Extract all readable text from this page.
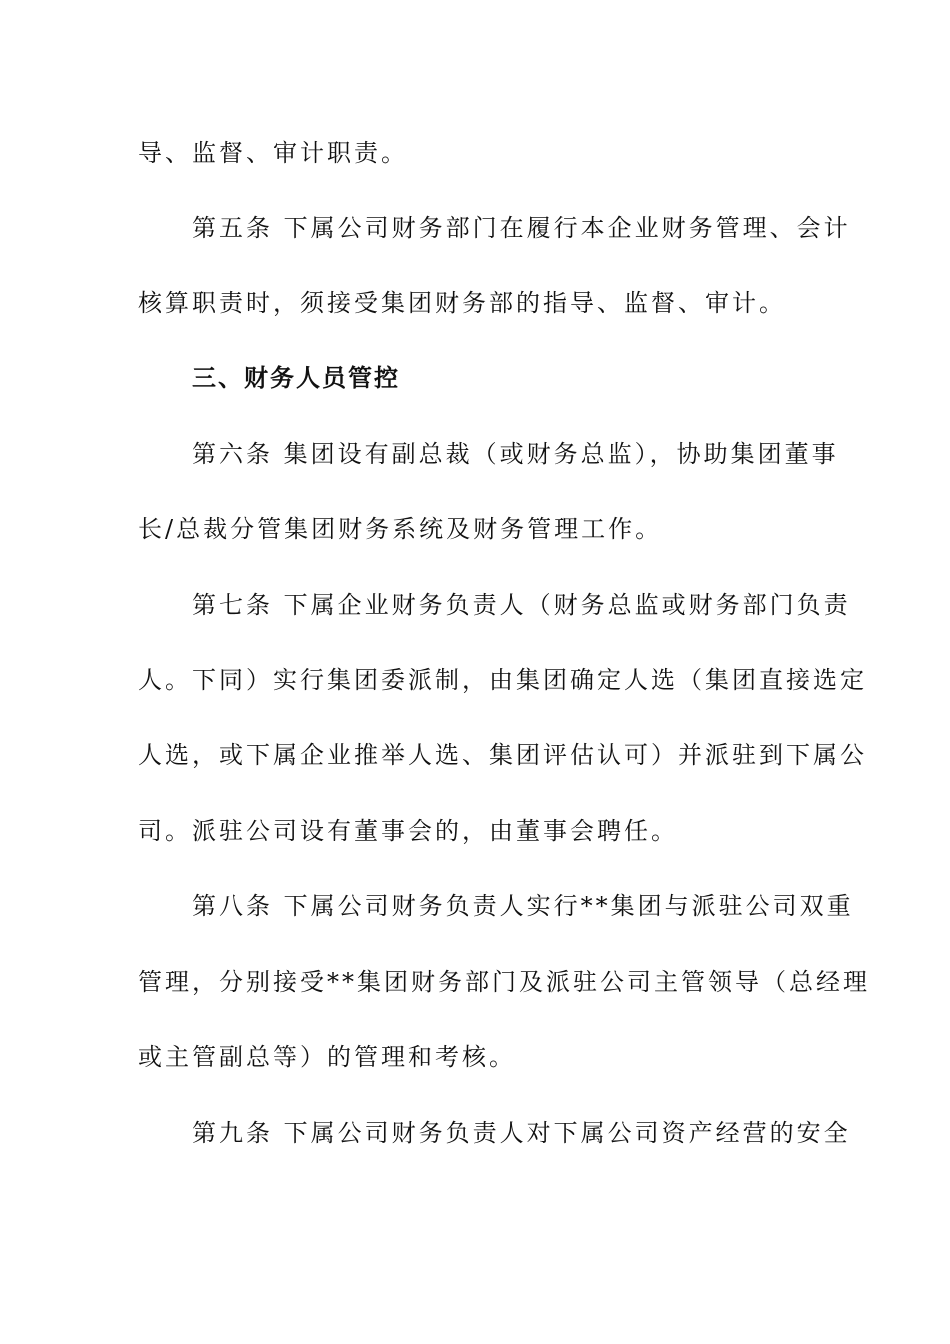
导、监督、审计职责。
第五条 下属公司财务部门在履行本企业财务管理、会计
核算职责时，须接受集团财务部的指导、监督、审计。
三、财务人员管控
第六条 集团设有副总裁（或财务总监），协助集团董事
长/总裁分管集团财务系统及财务管理工作。
第七条 下属企业财务负责人（财务总监或财务部门负责
人。下同）实行集团委派制，由集团确定人选（集团直接选定
人选，或下属企业推举人选、集团评估认可）并派驻到下属公
司。派驻公司设有董事会的，由董事会聘任。
第八条 下属公司财务负责人实行**集团与派驻公司双重
管理，分别接受**集团财务部门及派驻公司主管领导（总经理
或主管副总等）的管理和考核。
第九条 下属公司财务负责人对下属公司资产经营的安全
